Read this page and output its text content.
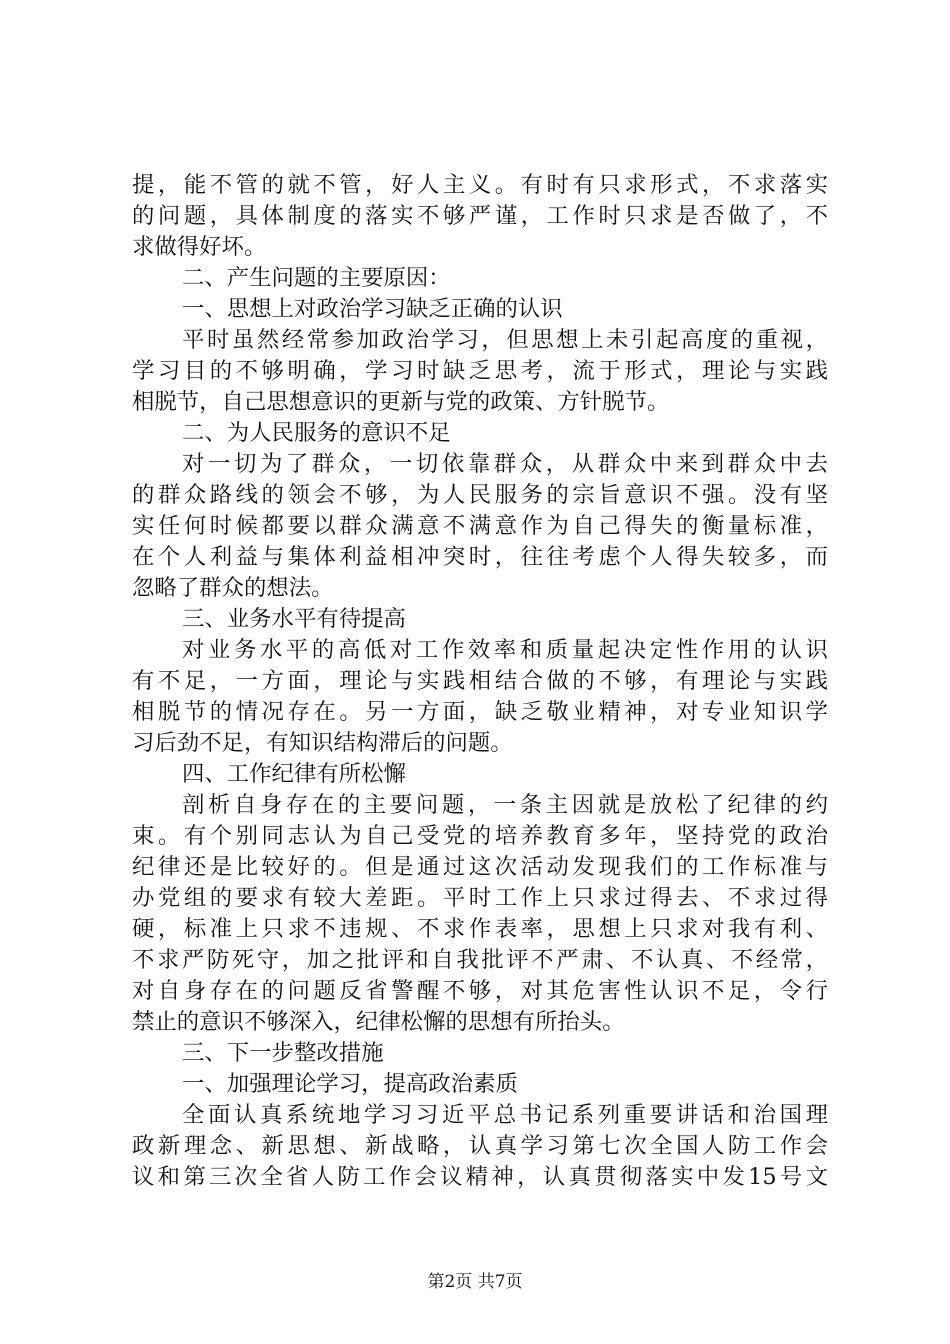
提，能不管的就不管，好人主义。有时有只求形式，不求落实
的问题，具体制度的落实不够严谨，工作时只求是否做了，不
求做得好坏。
二、产生问题的主要原因：
一、思想上对政治学习缺乏正确的认识
平时虽然经常参加政治学习，但思想上未引起高度的重视，
学习目的不够明确，学习时缺乏思考，流于形式，理论与实践
相脱节，自己思想意识的更新与党的政策、方针脱节。
二、为人民服务的意识不足
对一切为了群众，一切依靠群众，从群众中来到群众中去
的群众路线的领会不够，为人民服务的宗旨意识不强。没有坚
实任何时候都要以群众满意不满意作为自己得失的衡量标准，
在个人利益与集体利益相冲突时，往往考虑个人得失较多，而
忽略了群众的想法。
三、业务水平有待提高
对业务水平的高低对工作效率和质量起决定性作用的认识
有不足，一方面，理论与实践相结合做的不够，有理论与实践
相脱节的情况存在。另一方面，缺乏敬业精神，对专业知识学
习后劲不足，有知识结构滞后的问题。
四、工作纪律有所松懈
剖析自身存在的主要问题，一条主因就是放松了纪律的约
束。有个别同志认为自己受党的培养教育多年，坚持党的政治
纪律还是比较好的。但是通过这次活动发现我们的工作标准与
办党组的要求有较大差距。平时工作上只求过得去、不求过得
硬，标准上只求不违规、不求作表率，思想上只求对我有利、
不求严防死守，加之批评和自我批评不严肃、不认真、不经常，
对自身存在的问题反省警醒不够，对其危害性认识不足，令行
禁止的意识不够深入，纪律松懈的思想有所抬头。
三、下一步整改措施
一、加强理论学习，提高政治素质
全面认真系统地学习习近平总书记系列重要讲话和治国理
政新理念、新思想、新战略，认真学习第七次全国人防工作会
议和第三次全省人防工作会议精神，认真贯彻落实中发15号文
第2页 共7页
